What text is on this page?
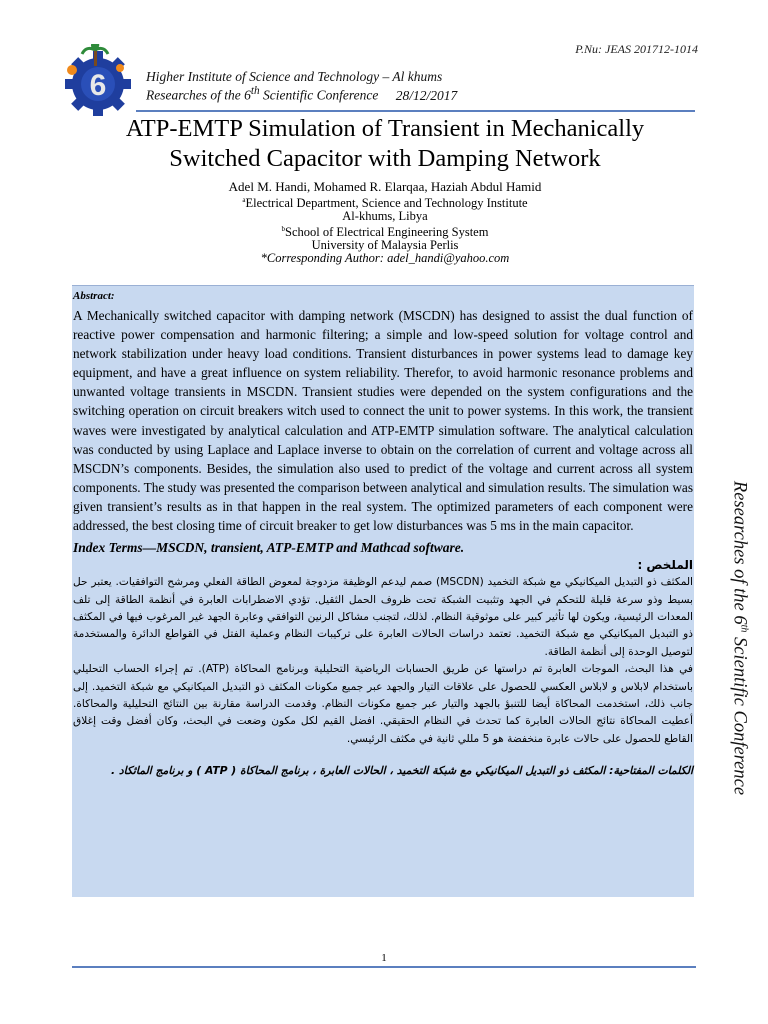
P.Nu: JEAS 201712-1014
6	Higher Institute of Science and Technology – Al khums
Researches of the 6th Scientific Conference 28/12/2017
ATP-EMTP Simulation of Transient in Mechanically
Switched Capacitor with Damping Network
Adel M. Handi, Mohamed R. Elarqaa, Haziah Abdul Hamid
$^a$Electrical Department, Science and Technology Institute
Al-khums, Libya
$^b$School of Electrical Engineering System
University of Malaysia Perlis
*Corresponding Author: adel_handi@yahoo.com
Abstract:

A Mechanically switched capacitor with damping network (MSCDN) has designed to assist the dual function of reactive power compensation and harmonic filtering; a simple and low-speed solution for voltage control and network stabilization under heavy load conditions. Transient disturbances in power systems lead to damage key equipment, and have a great influence on system reliability. Therefor, to avoid harmonic resonance problems and unwanted voltage transients in MSCDN. Transient studies were depended on the system configurations and the switching operation on circuit breakers witch used to connect the unit to power systems. In this work, the transient waves were investigated by analytical calculation and ATP-EMTP simulation software. The analytical calculation was conducted by using Laplace and Laplace inverse to obtain on the correlation of current and voltage across all MSCDN’s components. Besides, the simulation also used to predict of the voltage and current across all system components. The study was presented the comparison between analytical and simulation results. The simulation was given transient’s results as in that happen in the real system. The optimized parameters of each component were addressed, the best closing time of circuit breaker to get low disturbances was 5 ms in the main capacitor.

Index Terms—MSCDN, transient, ATP-EMTP and Mathcad software.
الملخص :

المكثف ذو التبديل الميكانيكي مع شبكة التخميد (MSCDN) صمم ليدعم الوظيفة مزدوجة لمعوض الطاقة الفعلي ومرشح التوافقيات. يعتبر حل بسيط وذو سرعة قليلة للتحكم في الجهد وتثبيت الشبكة تحت ظروف الحمل الثقيل. تؤدي الاضطرابات العابرة في أنظمة الطاقة إلى تلف المعدات الرئيسية، ويكون لها تأثير كبير على موثوقية النظام. لذلك، لتجنب مشاكل الرنين التوافقي وعابرة الجهد غير المرغوب فيها في المكثف ذو التبديل الميكانيكي مع شبكة التخميد. تعتمد دراسات الحالات العابرة على تركيبات النظام وعملية الفتل في القواطع الدائرة والمستخدمة لتوصيل الوحدة إلى أنظمة الطاقة.

في هذا البحث، الموجات العابرة تم دراستها عن طريق الحسابات الرياضية التحليلية وبرنامج المحاكاة (ATP). تم إجراء الحساب التحليلي باستخدام لابلاس و لابلاس العكسي للحصول على علاقات التيار والجهد عبر جميع مكونات المكثف ذو التبديل الميكانيكي مع شبكة التخميد. إلى جانب ذلك، استخدمت المحاكاة أيضا للتنبؤ بالجهد والتيار عبر جميع مكونات النظام. وقدمت الدراسة مقارنة بين النتائج التحليلية والمحاكاة. أعطيت المحاكاة نتائج الحالات العابرة كما تحدث في النظام الحقيقي. افضل القيم لكل مكون وضعت في البحث، وكان أفضل وقت إغلاق القاطع للحصول على حالات عابرة منخفضة هو 5 مللي ثانية في مكثف الرئيسي.

الكلمات المفتاحية: المكثف ذو التبديل الميكانيكي مع شبكة التخميد ، الحالات العابرة ، برنامج المحاكاة ( ATP ) و برنامج الماثكاد .

Researches of the 6th Scientific Conference
1
